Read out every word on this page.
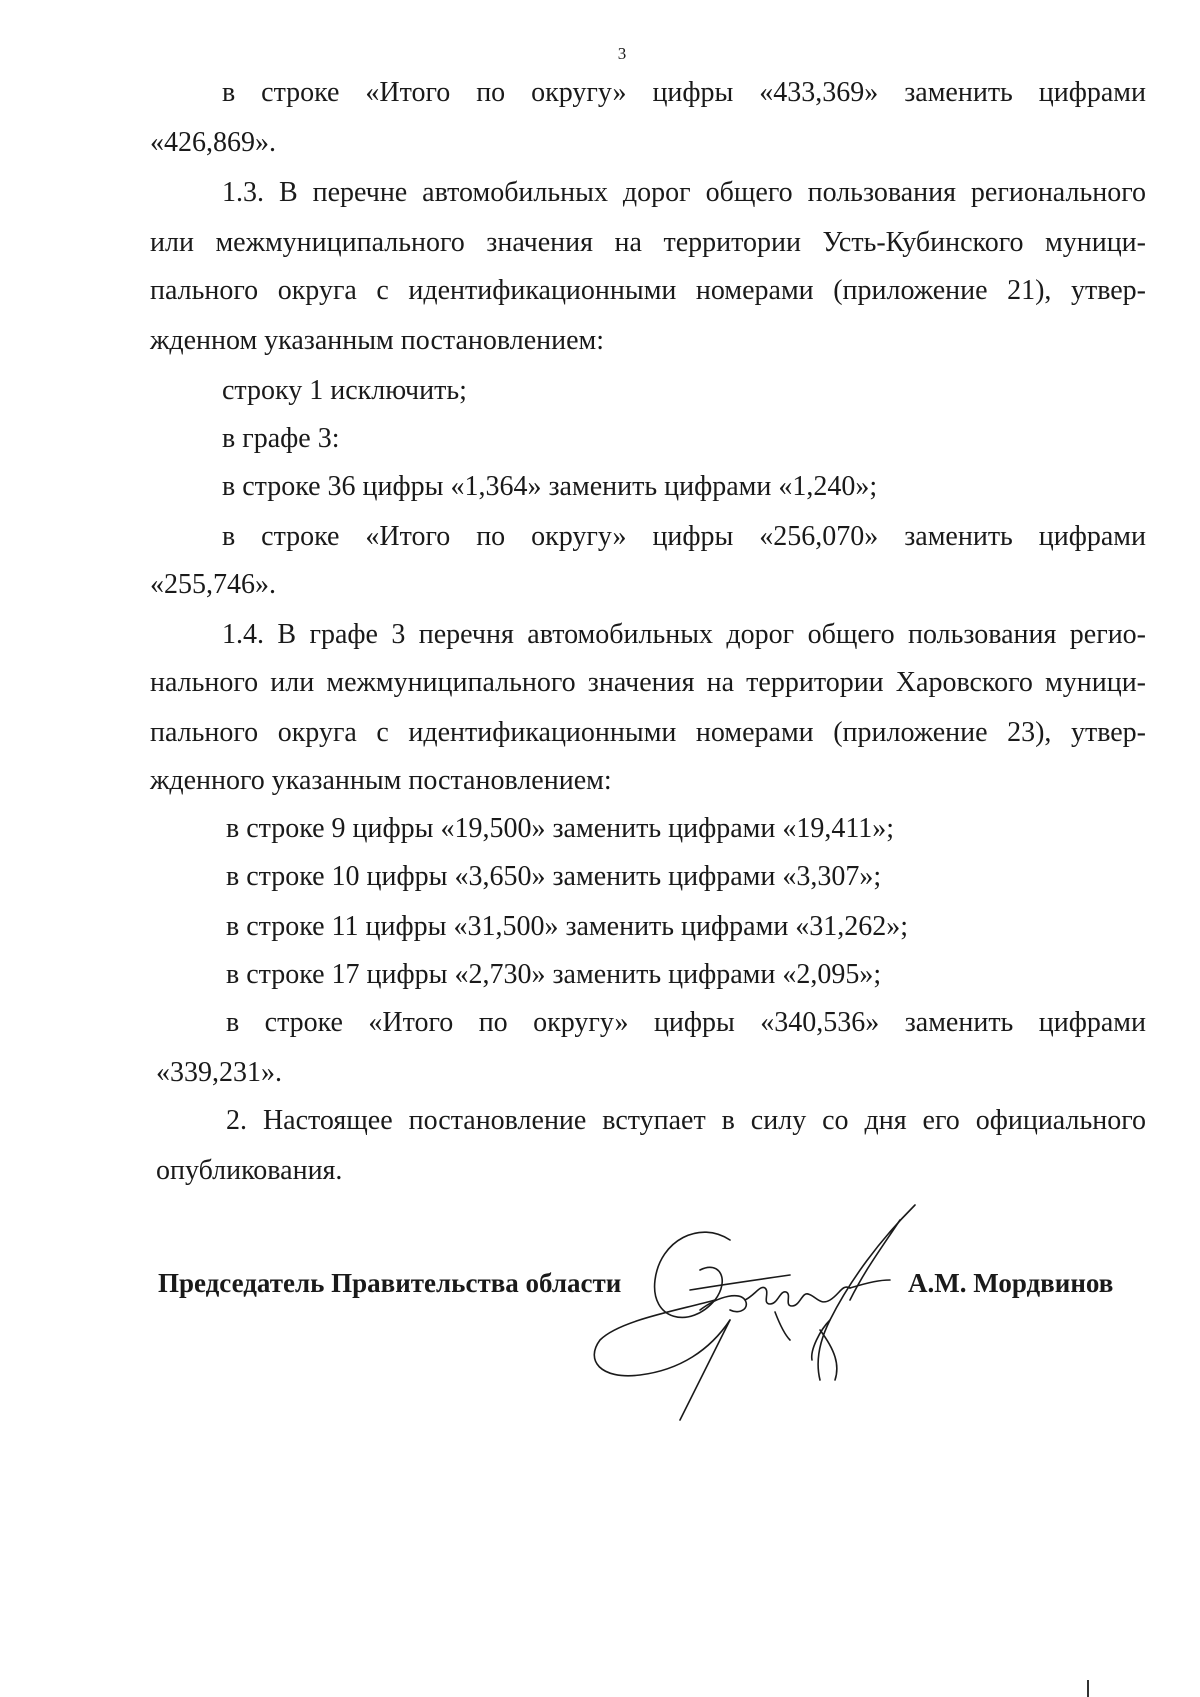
3
в строке «Итого по округу» цифры «433,369» заменить цифрами
«426,869».
1.3. В перечне автомобильных дорог общего пользования регионального
или межмуниципального значения на территории Усть-Кубинского муници-
пального округа с идентификационными номерами (приложение 21), утвер-
жденном указанным постановлением:
строку 1 исключить;
в графе 3:
в строке 36 цифры «1,364» заменить цифрами «1,240»;
в строке «Итого по округу» цифры «256,070» заменить цифрами
«255,746».
1.4. В графе 3 перечня автомобильных дорог общего пользования регио-
нального или межмуниципального значения на территории Харовского муници-
пального округа с идентификационными номерами (приложение 23), утвер-
жденного указанным постановлением:
в строке 9 цифры «19,500» заменить цифрами «19,411»;
в строке 10 цифры «3,650» заменить цифрами «3,307»;
в строке 11 цифры «31,500» заменить цифрами «31,262»;
в строке 17 цифры «2,730» заменить цифрами «2,095»;
в строке «Итого по округу» цифры «340,536» заменить цифрами
«339,231».
2. Настоящее постановление вступает в силу со дня его официального
опубликования.
Председатель Правительства области	А.М. Мордвинов
